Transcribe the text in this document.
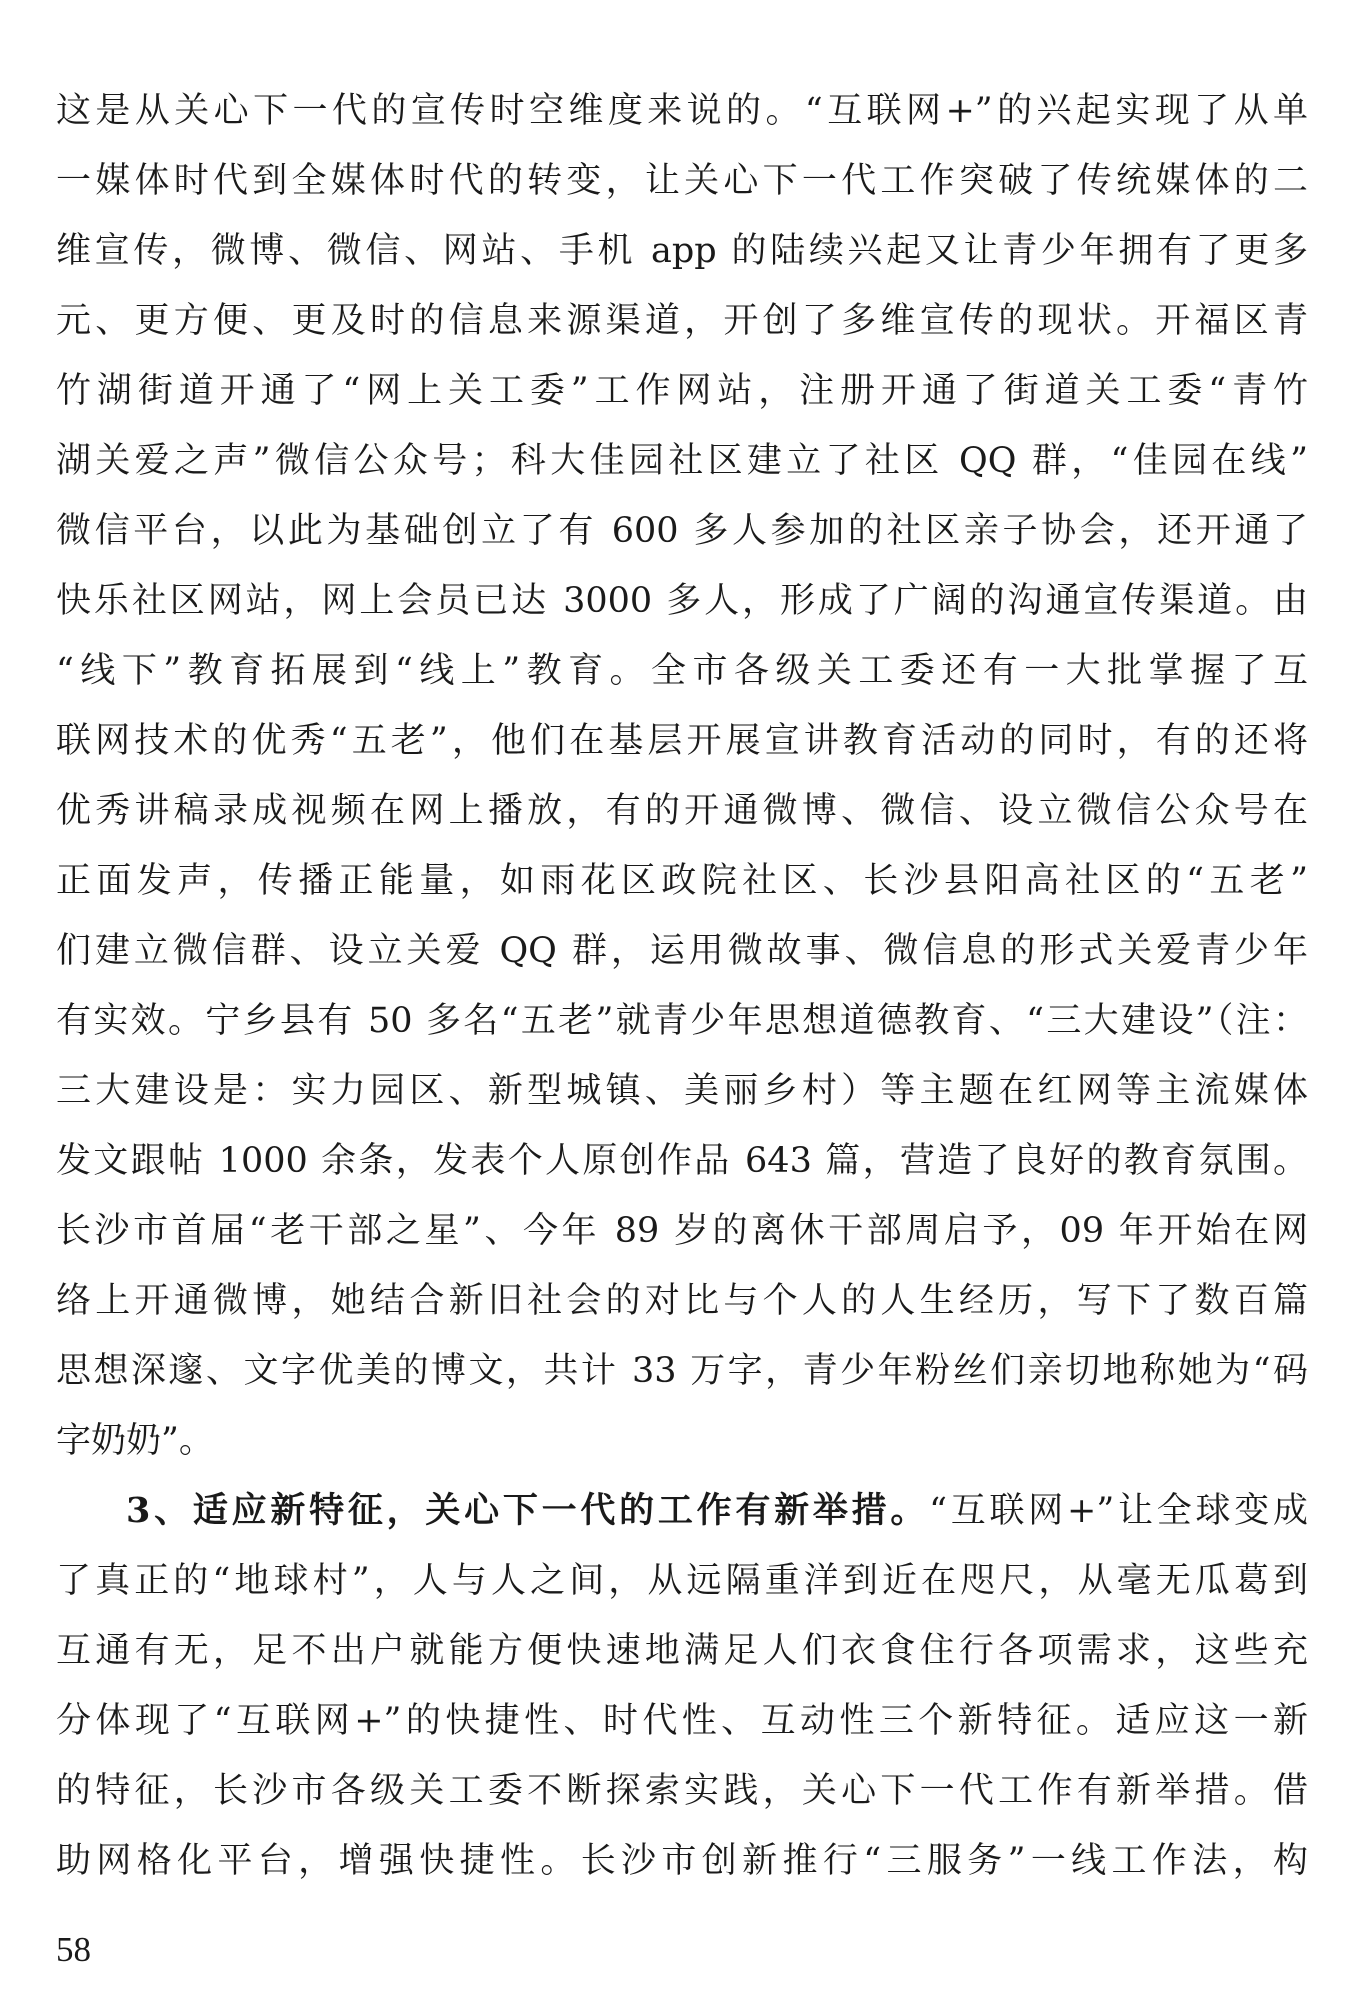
这是从关心下一代的宣传时空维度来说的。“互联网+”的兴起实现了从单
一媒体时代到全媒体时代的转变，让关心下一代工作突破了传统媒体的二
维宣传，微博、微信、网站、手机 app 的陆续兴起又让青少年拥有了更多
元、更方便、更及时的信息来源渠道，开创了多维宣传的现状。开福区青
竹湖街道开通了“网上关工委”工作网站，注册开通了街道关工委“青竹
湖关爱之声”微信公众号；科大佳园社区建立了社区 QQ 群，“佳园在线”
微信平台，以此为基础创立了有 600 多人参加的社区亲子协会，还开通了
快乐社区网站，网上会员已达 3000 多人，形成了广阔的沟通宣传渠道。由
“线下”教育拓展到“线上”教育。全市各级关工委还有一大批掌握了互
联网技术的优秀“五老”，他们在基层开展宣讲教育活动的同时，有的还将
优秀讲稿录成视频在网上播放，有的开通微博、微信、设立微信公众号在
正面发声，传播正能量，如雨花区政院社区、长沙县阳高社区的“五老”
们建立微信群、设立关爱 QQ 群，运用微故事、微信息的形式关爱青少年
有实效。宁乡县有 50 多名“五老”就青少年思想道德教育、“三大建设”（注：
三大建设是：实力园区、新型城镇、美丽乡村）等主题在红网等主流媒体
发文跟帖 1000 余条，发表个人原创作品 643 篇，营造了良好的教育氛围。
长沙市首届“老干部之星”、今年 89 岁的离休干部周启予，09 年开始在网
络上开通微博，她结合新旧社会的对比与个人的人生经历，写下了数百篇
思想深邃、文字优美的博文，共计 33 万字，青少年粉丝们亲切地称她为“码
字奶奶”。
3、适应新特征，关心下一代的工作有新举措。“互联网+”让全球变成
了真正的“地球村”，人与人之间，从远隔重洋到近在咫尺，从毫无瓜葛到
互通有无，足不出户就能方便快速地满足人们衣食住行各项需求，这些充
分体现了“互联网+”的快捷性、时代性、互动性三个新特征。适应这一新
的特征，长沙市各级关工委不断探索实践，关心下一代工作有新举措。借
助网格化平台，增强快捷性。长沙市创新推行“三服务”一线工作法，构
58
